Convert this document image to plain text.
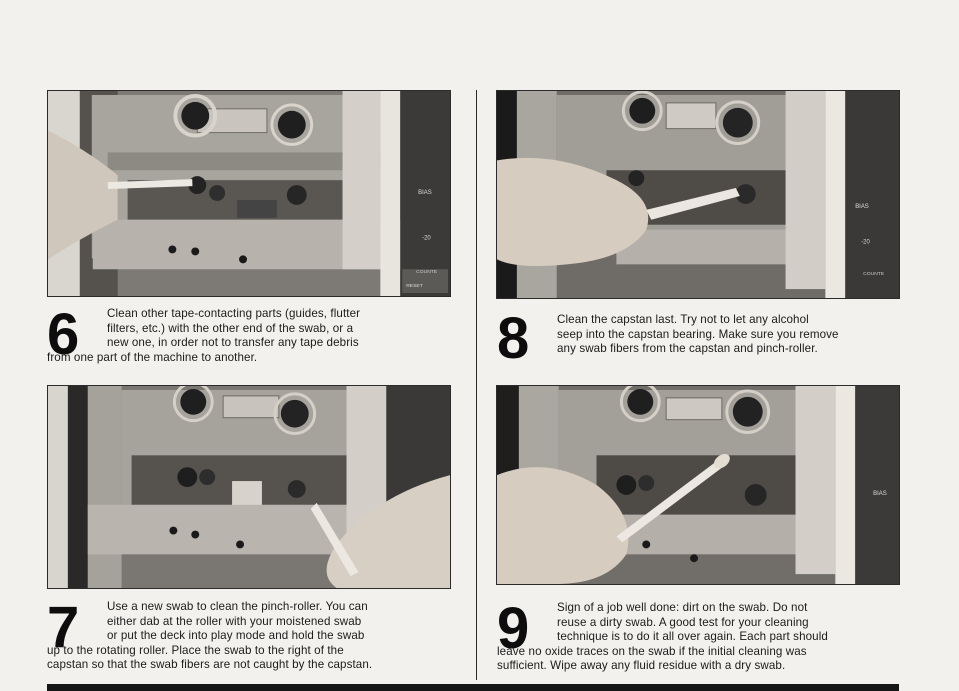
BIAS
-20
COUNTE
RESET
BIAS
-20
COUNTE
6	Clean other tape-contacting parts (guides, flutter
filters, etc.) with the other end of the swab, or a
new one, in order not to transfer any tape debris
from one part of the machine to another.	8	Clean the capstan last. Try not to let any alcohol
seep into the capstan bearing. Make sure you remove
any swab fibers from the capstan and pinch-roller.
BIAS
7	Use a new swab to clean the pinch-roller. You can
either dab at the roller with your moistened swab
or put the deck into play mode and hold the swab
up to the rotating roller. Place the swab to the right of the
capstan so that the swab fibers are not caught by the capstan.
9	Sign of a job well done: dirt on the swab. Do not
reuse a dirty swab. A good test for your cleaning
technique is to do it all over again. Each part should
leave no oxide traces on the swab if the initial cleaning was
sufficient. Wipe away any fluid residue with a dry swab.
